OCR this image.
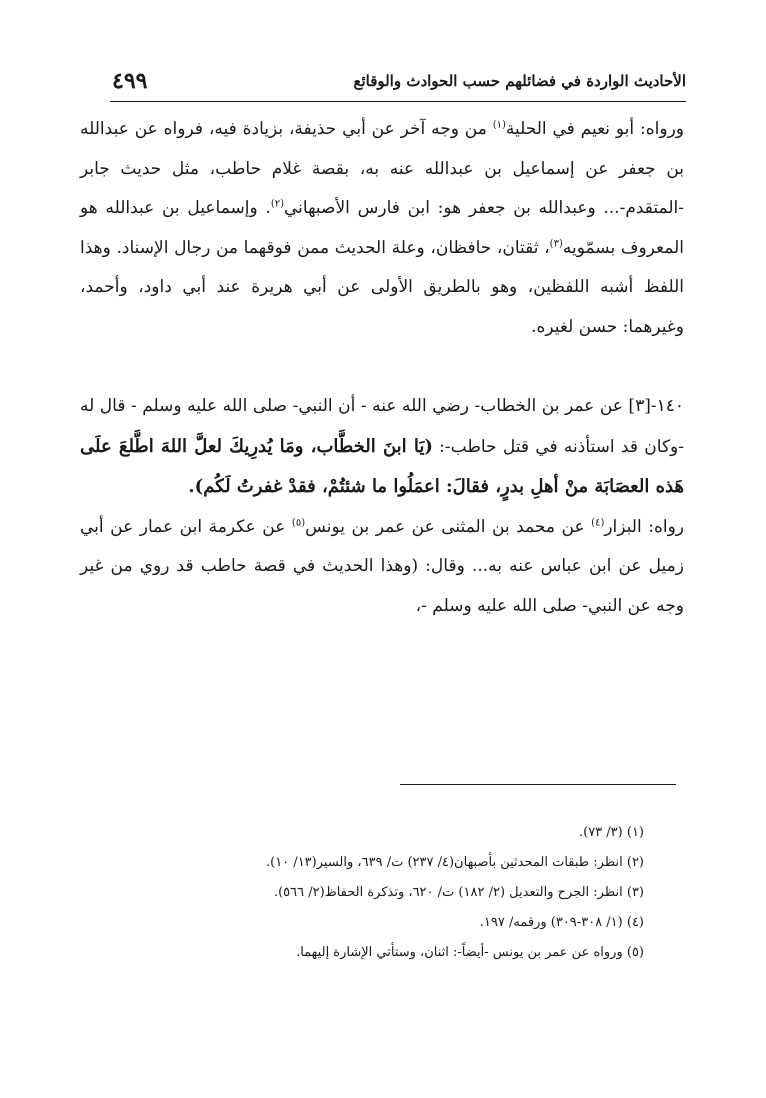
الأحاديث الواردة في فضائلهم حسب الحوادث والوقائع
٤٩٩

ورواه: أبو نعيم في الحلية$^{(١)}$ من وجه آخر عن أبي حذيفة، بزيادة فيه، فرواه عن عبدالله بن جعفر عن إسماعيل بن عبدالله عنه به، بقصة غلام حاطب، مثل حديث جابر -المتقدم-... وعبدالله بن جعفر هو: ابن فارس الأصبهاني$^{(٢)}$. وإسماعيل بن عبدالله هو المعروف بسمّويه$^{(٣)}$، ثقتان، حافظان، وعلة الحديث ممن فوقهما من رجال الإسناد. وهذا اللفظ أشبه اللفظين، وهو بالطريق الأولى عن أبي هريرة عند أبي داود، وأحمد، وغيرهما: حسن لغيره.

١٤٠-[٣] عن عمر بن الخطاب- رضي الله عنه - أن النبي- صلى الله عليه وسلم - قال له -وكان قد استأذنه في قتل حاطب-: (يَا ابنَ الخطَّاب، ومَا يُدرِيكَ لعلَّ اللهَ اطَّلعَ علَى هَذه العصَابَة منْ أهلِ بدرٍ، فقالَ: اعمَلُوا ما شئتُمْ، فقدْ غفرتُ لَكُم).

رواه: البزار$^{(٤)}$ عن محمد بن المثنى عن عمر بن يونس$^{(٥)}$ عن عكرمة ابن عمار عن أبي زميل عن ابن عباس عنه به... وقال: (وهذا الحديث في قصة حاطب قد روي من غير وجه عن النبي- صلى الله عليه وسلم -،

(١) (٣/ ٧٣).
(٢) انظر: طبقات المحدثين بأصبهان(٤/ ٢٣٧) ت/ ٦٣٩، والسير(١٣/ ١٠).
(٣) انظر: الجرح والتعديل (٢/ ١٨٢) ت/ ٦٢٠، وتذكرة الحفاظ(٢/ ٥٦٦).
(٤) (١/ ٣٠٨-٣٠٩) ورقمه/ ١٩٧.
(٥) ورواه عن عمر بن يونس -أيضاً-: اثنان، وستأتي الإشارة إليهما.
